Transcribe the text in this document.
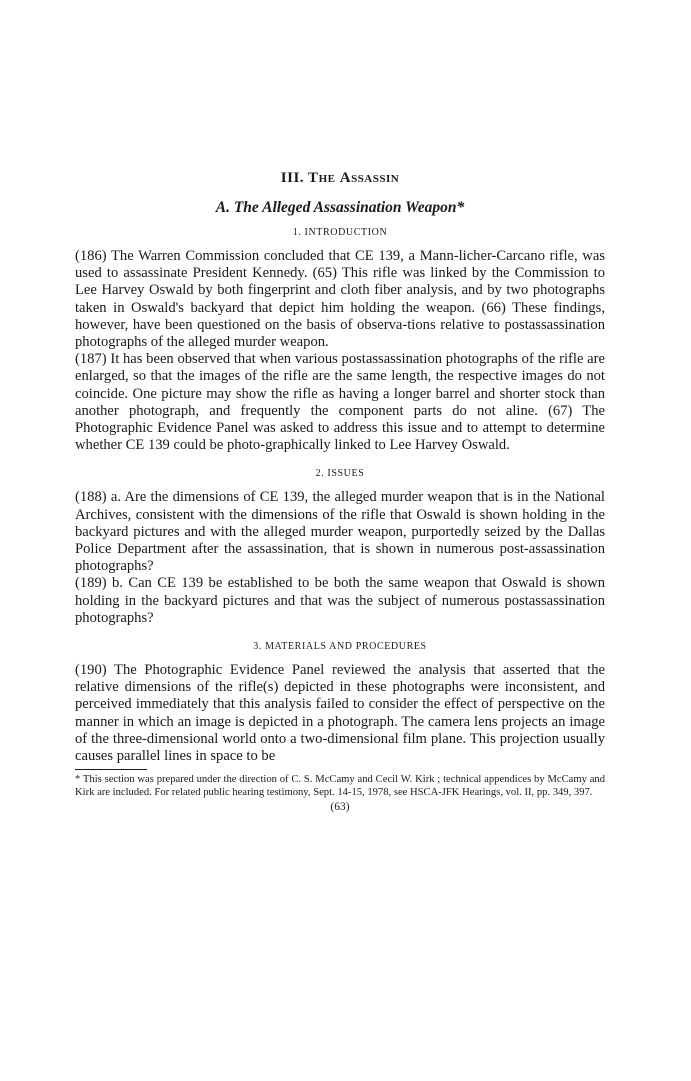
III. The Assassin
A. The Alleged Assassination Weapon*
1. INTRODUCTION

(186) The Warren Commission concluded that CE 139, a Mann-licher-Carcano rifle, was used to assassinate President Kennedy. (65) This rifle was linked by the Commission to Lee Harvey Oswald by both fingerprint and cloth fiber analysis, and by two photographs taken in Oswald's backyard that depict him holding the weapon. (66) These findings, however, have been questioned on the basis of observa-tions relative to postassassination photographs of the alleged murder weapon.

(187) It has been observed that when various postassassination photographs of the rifle are enlarged, so that the images of the rifle are the same length, the respective images do not coincide. One picture may show the rifle as having a longer barrel and shorter stock than another photograph, and frequently the component parts do not aline. (67) The Photographic Evidence Panel was asked to address this issue and to attempt to determine whether CE 139 could be photo-graphically linked to Lee Harvey Oswald.

2. ISSUES

(188) a. Are the dimensions of CE 139, the alleged murder weapon that is in the National Archives, consistent with the dimensions of the rifle that Oswald is shown holding in the backyard pictures and with the alleged murder weapon, purportedly seized by the Dallas Police Department after the assassination, that is shown in numerous post-assassination photographs?

(189) b. Can CE 139 be established to be both the same weapon that Oswald is shown holding in the backyard pictures and that was the subject of numerous postassassination photographs?

3. MATERIALS AND PROCEDURES

(190) The Photographic Evidence Panel reviewed the analysis that asserted that the relative dimensions of the rifle(s) depicted in these photographs were inconsistent, and perceived immediately that this analysis failed to consider the effect of perspective on the manner in which an image is depicted in a photograph. The camera lens projects an image of the three-dimensional world onto a two-dimensional film plane. This projection usually causes parallel lines in space to be

* This section was prepared under the direction of C. S. McCamy and Cecil W. Kirk ; technical appendices by McCamy and Kirk are included. For related public hearing testimony, Sept. 14-15, 1978, see HSCA-JFK Hearings, vol. II, pp. 349, 397.

(63)
